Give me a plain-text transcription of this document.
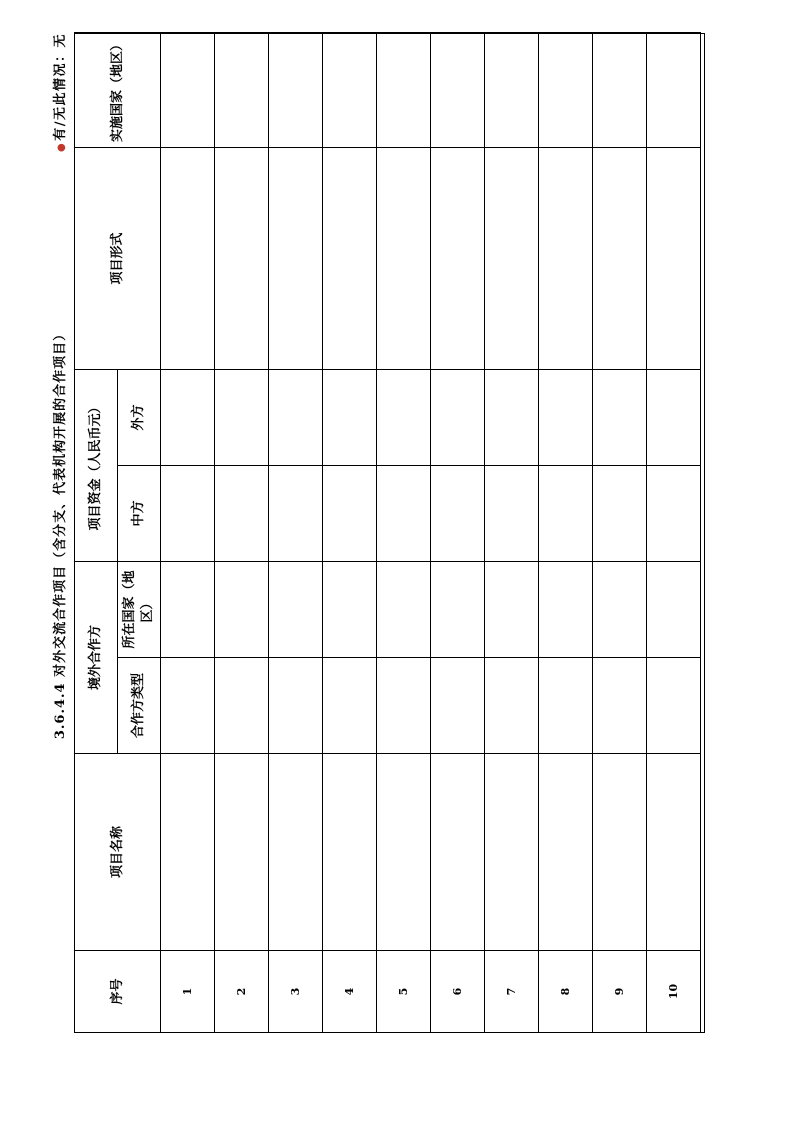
3.6.4.4 对外交流合作项目（含分支、代表机构开展的合作项目）
●有/无此情况：无
序号	项目名称	境外合作方		项目资金（人民币元）		项目形式	实施国家（地区）
		合作方类型	所在国家（地区）	中方	外方		
1							
2							
3							
4							
5							
6							
7							
8							
9							
10							
